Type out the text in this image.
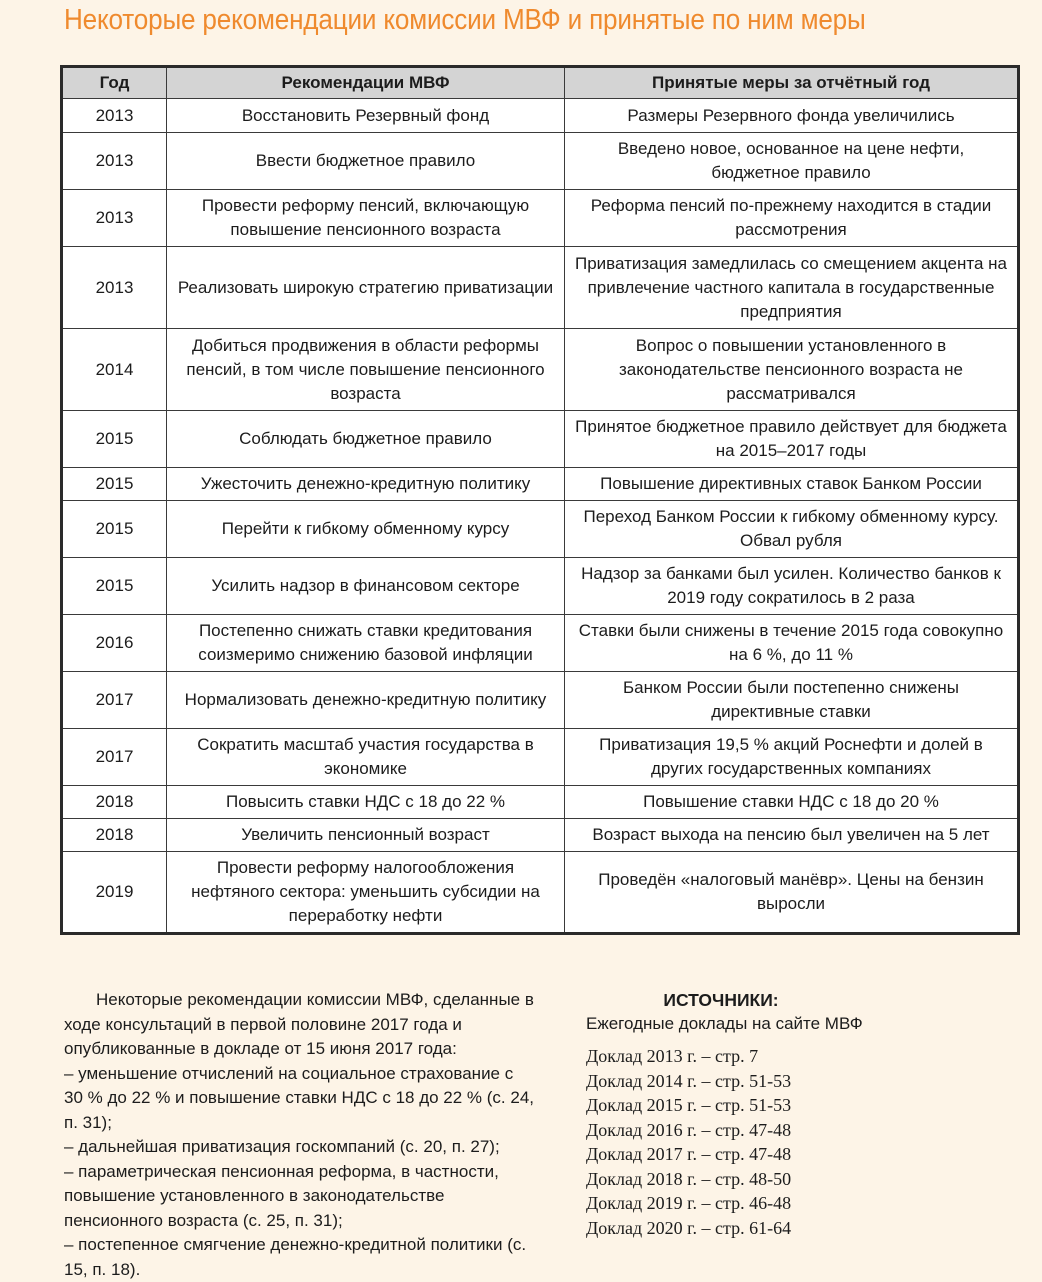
Некоторые рекомендации комиссии МВФ и принятые по ним меры
Год	Рекомендации МВФ	Принятые меры за отчётный год
2013	Восстановить Резервный фонд	Размеры Резервного фонда увеличились
2013	Ввести бюджетное правило	Введено новое, основанное на цене нефти, бюджетное правило
2013	Провести реформу пенсий, включающую повышение пенсионного возраста	Реформа пенсий по-прежнему находится в стадии рассмотрения
2013	Реализовать широкую стратегию приватизации	Приватизация замедлилась со смещением акцента на привлечение частного капитала в государственные предприятия
2014	Добиться продвижения в области реформы пенсий, в том числе повышение пенсионного возраста	Вопрос о повышении установленного в законодательстве пенсионного возраста не рассматривался
2015	Соблюдать бюджетное правило	Принятое бюджетное правило действует для бюджета на 2015–2017 годы
2015	Ужесточить денежно-кредитную политику	Повышение директивных ставок Банком России
2015	Перейти к гибкому обменному курсу	Переход Банком России к гибкому обменному курсу. Обвал рубля
2015	Усилить надзор в финансовом секторе	Надзор за банками был усилен. Количество банков к 2019 году сократилось в 2 раза
2016	Постепенно снижать ставки кредитования соизмеримо снижению базовой инфляции	Ставки были снижены в течение 2015 года совокупно на 6 %, до 11 %
2017	Нормализовать денежно-кредитную политику	Банком России были постепенно снижены директивные ставки
2017	Сократить масштаб участия государства в экономике	Приватизация 19,5 % акций Роснефти и долей в других государственных компаниях
2018	Повысить ставки НДС с 18 до 22 %	Повышение ставки НДС с 18 до 20 %
2018	Увеличить пенсионный возраст	Возраст выхода на пенсию был увеличен на 5 лет
2019	Провести реформу налогообложения нефтяного сектора: уменьшить субсидии на переработку нефти	Проведён «налоговый манёвр». Цены на бензин выросли

Некоторые рекомендации комиссии МВФ, сделанные в ходе консультаций в первой половине 2017 года и опубликованные в докладе от 15 июня 2017 года:

– уменьшение отчислений на социальное страхование с 30 % до 22 % и повышение ставки НДС с 18 до 22 % (с. 24, п. 31);

– дальнейшая приватизация госкомпаний (с. 20, п. 27);

– параметрическая пенсионная реформа, в частности, повышение установленного в законодательстве пенсионного возраста (с. 25, п. 31);

– постепенное смягчение денежно-кредитной политики (с. 15, п. 18).

ИСТОЧНИКИ:
Ежегодные доклады на сайте МВФ
Доклад 2013 г. – стр. 7
Доклад 2014 г. – стр. 51-53
Доклад 2015 г. – стр. 51-53
Доклад 2016 г. – стр. 47-48
Доклад 2017 г. – стр. 47-48
Доклад 2018 г. – стр. 48-50
Доклад 2019 г. – стр. 46-48
Доклад 2020 г. – стр. 61-64
